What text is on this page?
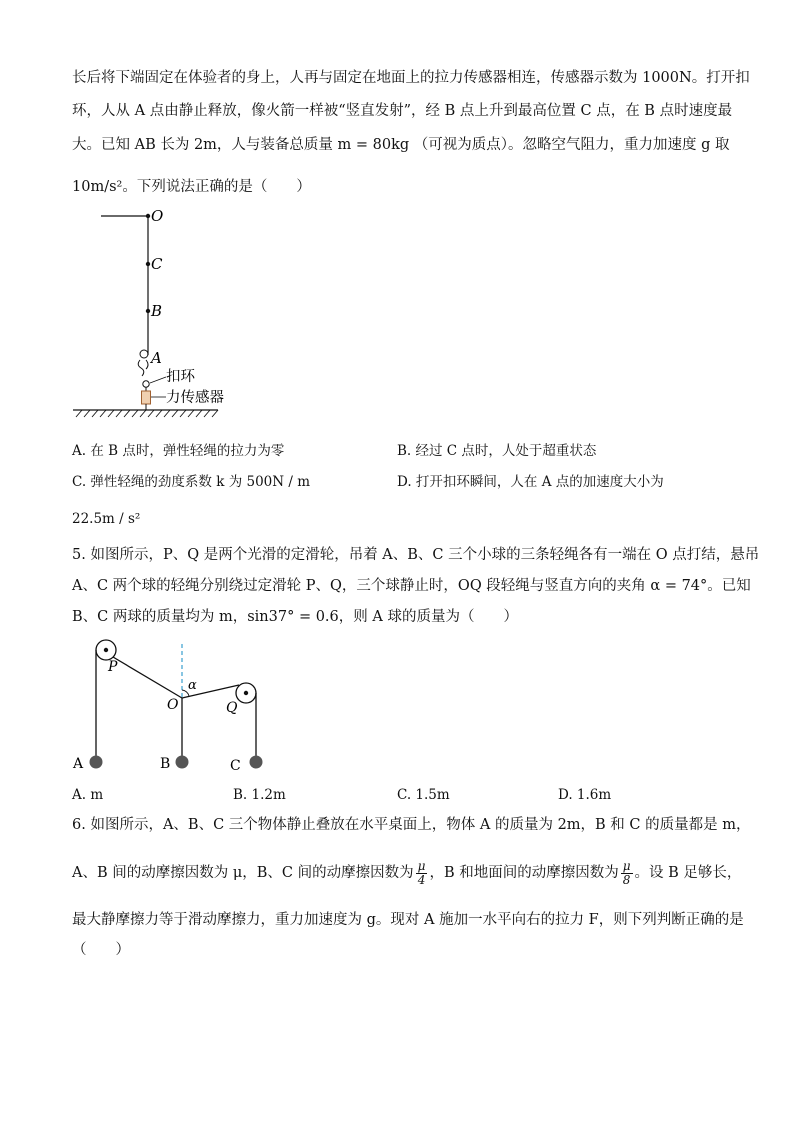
长后将下端固定在体验者的身上，人再与固定在地面上的拉力传感器相连，传感器示数为 1000N。打开扣
环，人从 A 点由静止释放，像火箭一样被“竖直发射”，经 B 点上升到最高位置 C 点，在 B 点时速度最
大。已知 AB 长为 2m，人与装备总质量 m = 80kg （可视为质点）。忽略空气阻力，重力加速度 g 取
10m/s²。下列说法正确的是（　　）
O
C
B
A
扣环
力传感器
A. 在 B 点时，弹性轻绳的拉力为零	B. 经过 C 点时，人处于超重状态
C. 弹性轻绳的劲度系数 k 为 500N / m	D. 打开扣环瞬间，人在 A 点的加速度大小为
22.5m / s²
5. 如图所示，P、Q 是两个光滑的定滑轮，吊着 A、B、C 三个小球的三条轻绳各有一端在 O 点打结，悬吊
A、C 两个球的轻绳分别绕过定滑轮 P、Q，三个球静止时，OQ 段轻绳与竖直方向的夹角 α = 74°。已知
B、C 两球的质量均为 m，sin37° = 0.6，则 A 球的质量为（　　）
P
α
O	Q
A	B	C
A. m	B. 1.2m	C. 1.5m	D. 1.6m
6. 如图所示，A、B、C 三个物体静止叠放在水平桌面上，物体 A 的质量为 2m，B 和 C 的质量都是 m，
A、B 间的动摩擦因数为 μ，B、C 间的动摩擦因数为 $\frac{\mu}{4}$ ，B 和地面间的动摩擦因数为 $\frac{\mu}{8}$ 。设 B 足够长，
最大静摩擦力等于滑动摩擦力，重力加速度为 g。现对 A 施加一水平向右的拉力 F，则下列判断正确的是
（　　）
